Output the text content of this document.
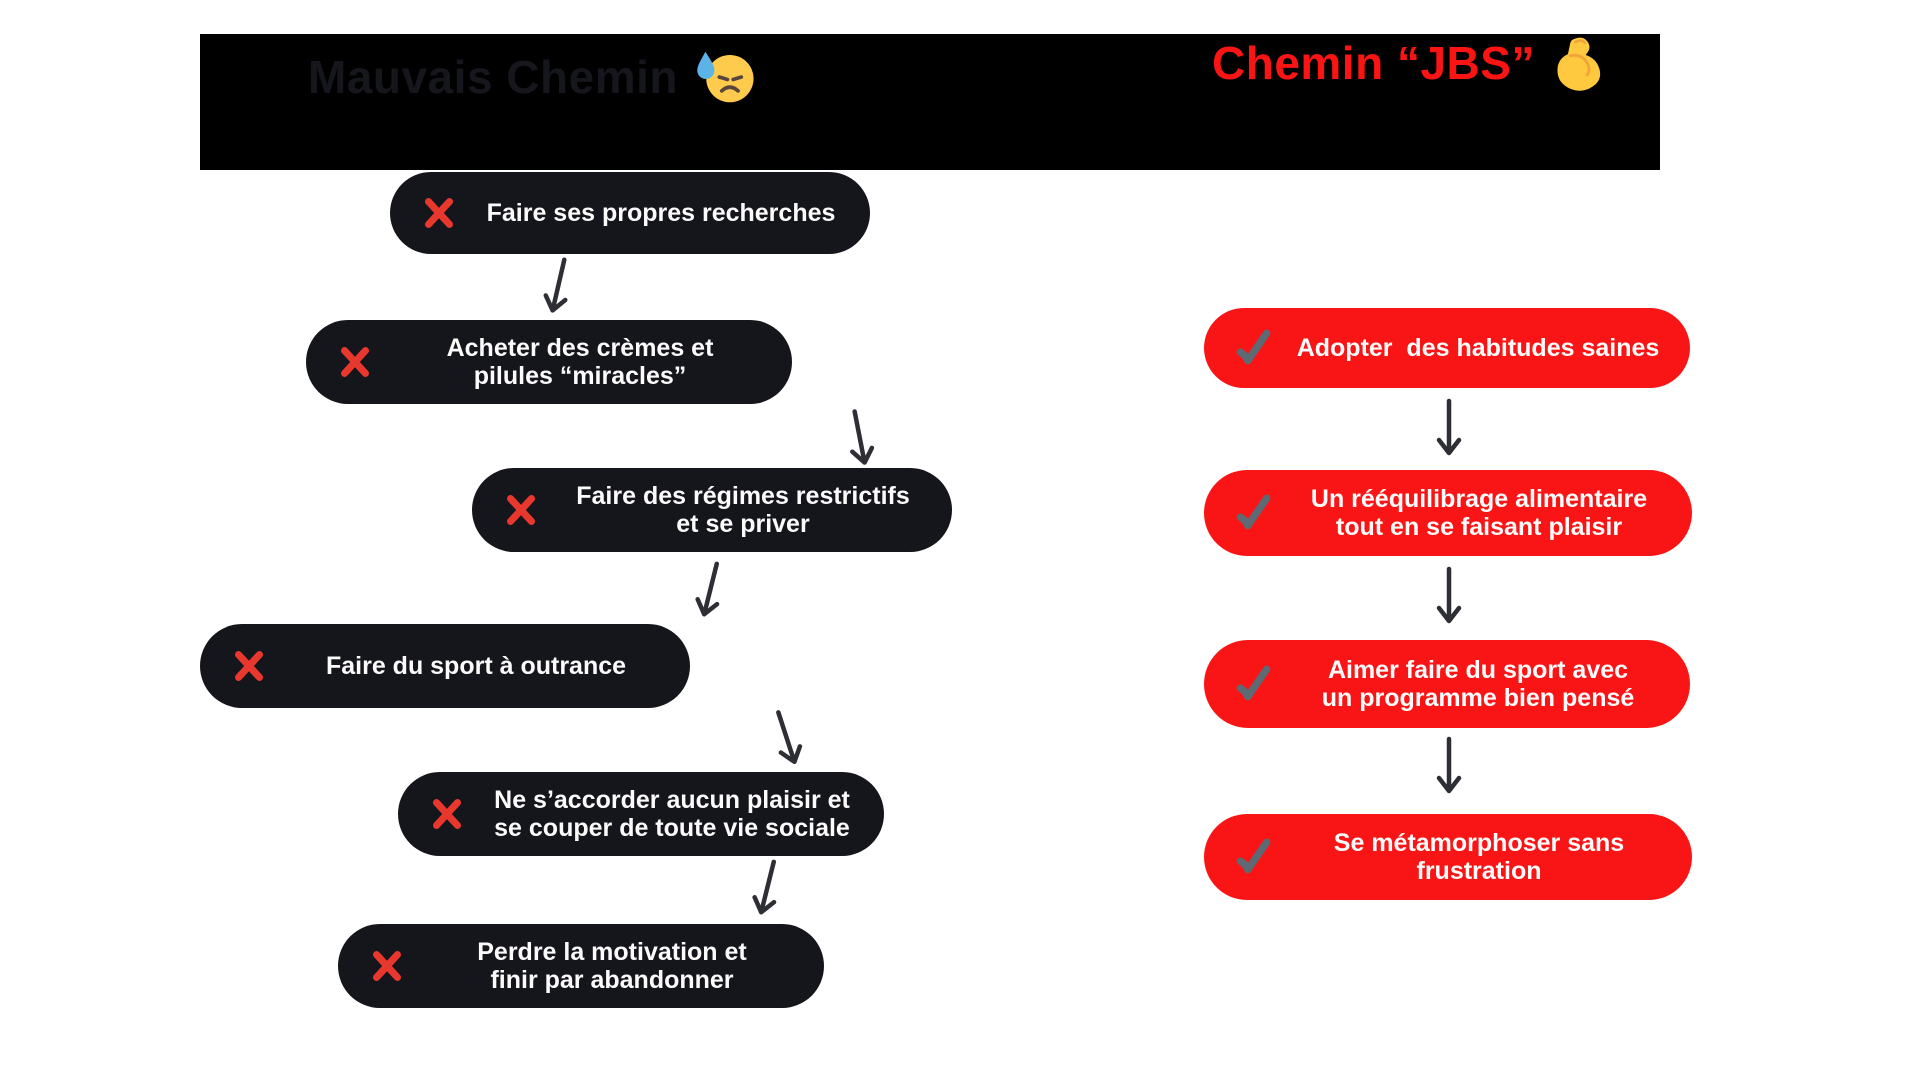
Mauvais Chemin	Chemin “JBS”
Faire ses propres recherches
Acheter des crèmes et
pilules “miracles”
Faire des régimes restrictifs
et se priver
Faire du sport à outrance
Ne s’accorder aucun plaisir et
se couper de toute vie sociale
Perdre la motivation et
finir par abandonner
Adopter  des habitudes saines
Un rééquilibrage alimentaire
tout en se faisant plaisir
Aimer faire du sport avec
un programme bien pensé
Se métamorphoser sans
frustration
